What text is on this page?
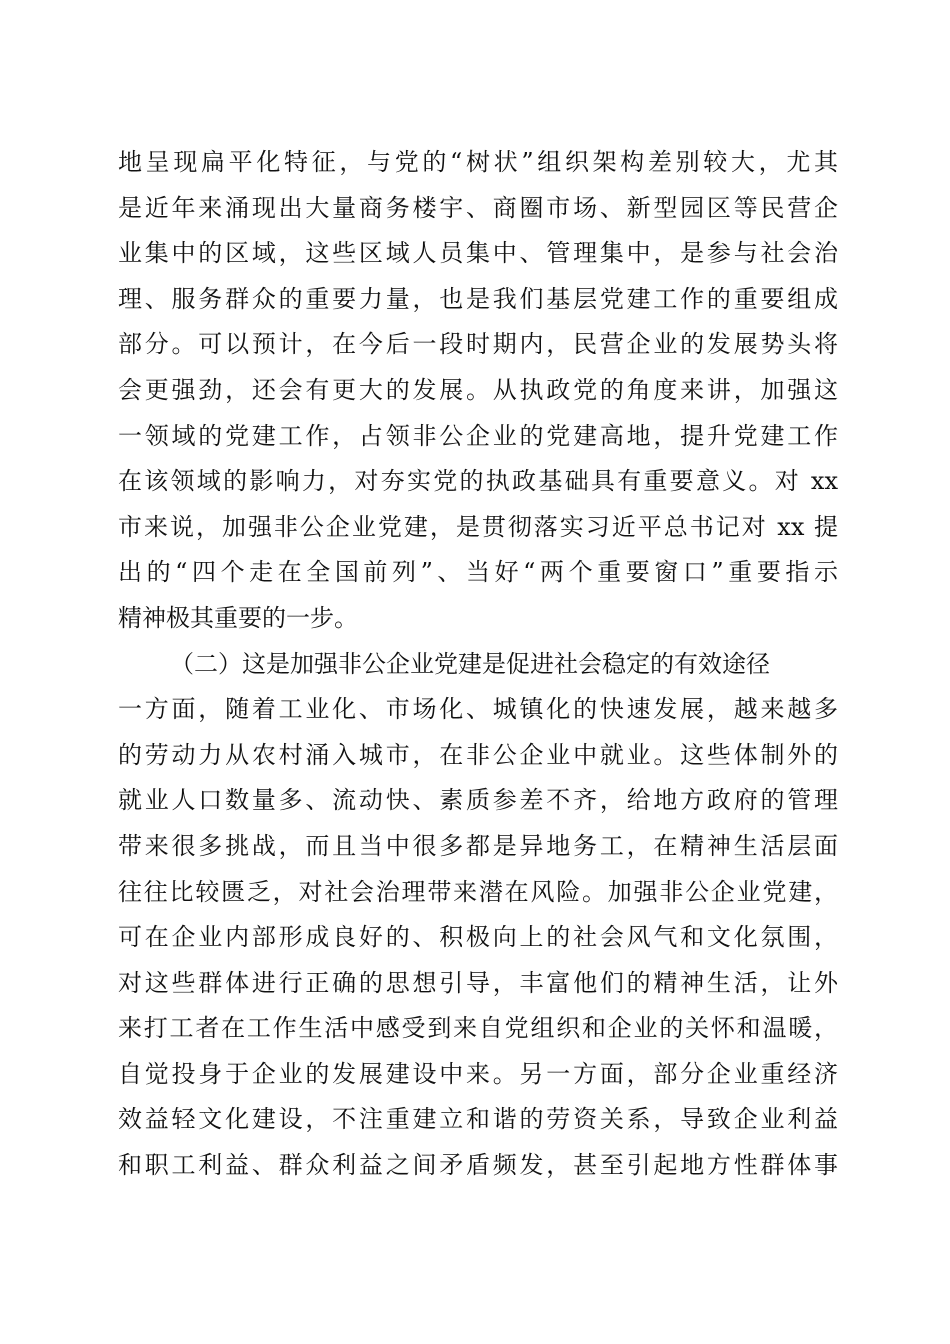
地呈现扁平化特征，与党的“树状”组织架构差别较大，尤其
是近年来涌现出大量商务楼宇、商圈市场、新型园区等民营企
业集中的区域，这些区域人员集中、管理集中，是参与社会治
理、服务群众的重要力量，也是我们基层党建工作的重要组成
部分。可以预计，在今后一段时期内，民营企业的发展势头将
会更强劲，还会有更大的发展。从执政党的角度来讲，加强这
一领域的党建工作，占领非公企业的党建高地，提升党建工作
在该领域的影响力，对夯实党的执政基础具有重要意义。对 xx
市来说，加强非公企业党建，是贯彻落实习近平总书记对 xx 提
出的“四个走在全国前列”、当好“两个重要窗口”重要指示
精神极其重要的一步。
（二）这是加强非公企业党建是促进社会稳定的有效途径
一方面，随着工业化、市场化、城镇化的快速发展，越来越多
的劳动力从农村涌入城市，在非公企业中就业。这些体制外的
就业人口数量多、流动快、素质参差不齐，给地方政府的管理
带来很多挑战，而且当中很多都是异地务工，在精神生活层面
往往比较匮乏，对社会治理带来潜在风险。加强非公企业党建，
可在企业内部形成良好的、积极向上的社会风气和文化氛围，
对这些群体进行正确的思想引导，丰富他们的精神生活，让外
来打工者在工作生活中感受到来自党组织和企业的关怀和温暖，
自觉投身于企业的发展建设中来。另一方面，部分企业重经济
效益轻文化建设，不注重建立和谐的劳资关系，导致企业利益
和职工利益、群众利益之间矛盾频发，甚至引起地方性群体事
